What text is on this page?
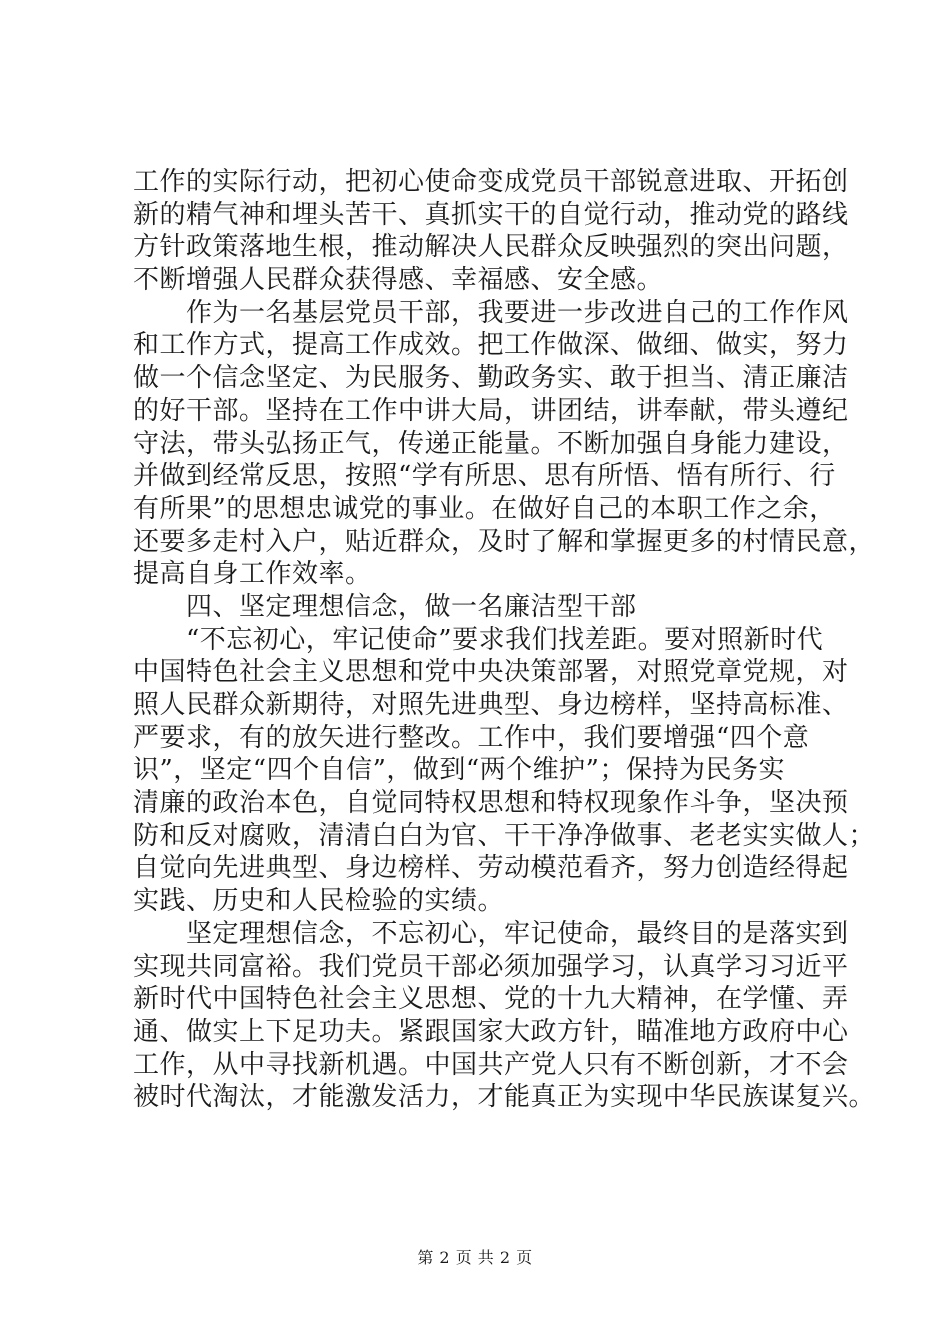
工作的实际行动，把初心使命变成党员干部锐意进取、开拓创
新的精气神和埋头苦干、真抓实干的自觉行动，推动党的路线
方针政策落地生根，推动解决人民群众反映强烈的突出问题，
不断增强人民群众获得感、幸福感、安全感。
　　作为一名基层党员干部，我要进一步改进自己的工作作风
和工作方式，提高工作成效。把工作做深、做细、做实，努力
做一个信念坚定、为民服务、勤政务实、敢于担当、清正廉洁
的好干部。坚持在工作中讲大局，讲团结，讲奉献，带头遵纪
守法，带头弘扬正气，传递正能量。不断加强自身能力建设，
并做到经常反思，按照“学有所思、思有所悟、悟有所行、行
有所果”的思想忠诚党的事业。在做好自己的本职工作之余，
还要多走村入户，贴近群众，及时了解和掌握更多的村情民意，
提高自身工作效率。
　　四、坚定理想信念，做一名廉洁型干部
　　“不忘初心，牢记使命”要求我们找差距。要对照新时代
中国特色社会主义思想和党中央决策部署，对照党章党规，对
照人民群众新期待，对照先进典型、身边榜样，坚持高标准、
严要求，有的放矢进行整改。工作中，我们要增强“四个意
识”，坚定“四个自信”，做到“两个维护”；保持为民务实
清廉的政治本色，自觉同特权思想和特权现象作斗争，坚决预
防和反对腐败，清清白白为官、干干净净做事、老老实实做人；
自觉向先进典型、身边榜样、劳动模范看齐，努力创造经得起
实践、历史和人民检验的实绩。
　　坚定理想信念，不忘初心，牢记使命，最终目的是落实到
实现共同富裕。我们党员干部必须加强学习，认真学习习近平
新时代中国特色社会主义思想、党的十九大精神，在学懂、弄
通、做实上下足功夫。紧跟国家大政方针，瞄准地方政府中心
工作，从中寻找新机遇。中国共产党人只有不断创新，才不会
被时代淘汰，才能激发活力，才能真正为实现中华民族谋复兴。
第 2 页 共 2 页
